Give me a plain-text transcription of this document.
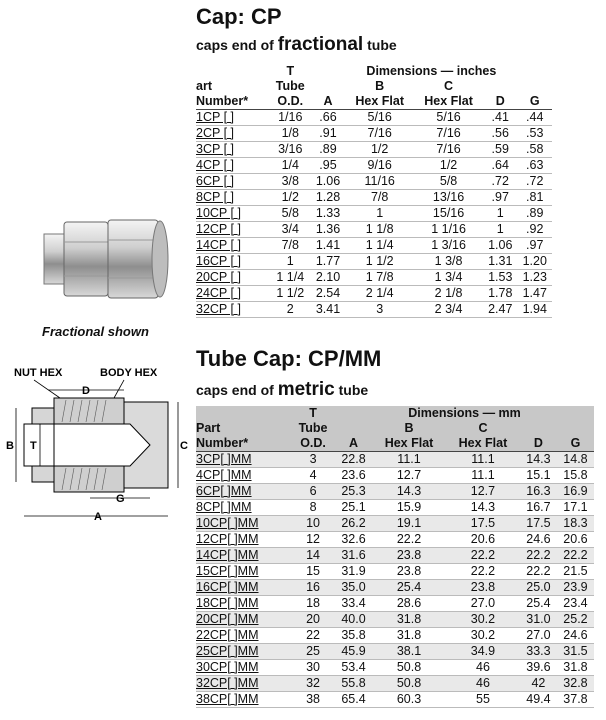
Cap: CP
caps end of fractional tube
	T	Dimensions — inches				
art	Tube		B	C		
Number*	O.D.	A	Hex Flat	Hex Flat	D	G
1CP [ ]	1/16	.66	5/16	5/16	.41	.44
2CP [ ]	1/8	.91	7/16	7/16	.56	.53
3CP [ ]	3/16	.89	1/2	7/16	.59	.58
4CP [ ]	1/4	.95	9/16	1/2	.64	.63
6CP [ ]	3/8	1.06	11/16	5/8	.72	.72
8CP [ ]	1/2	1.28	7/8	13/16	.97	.81
10CP [ ]	5/8	1.33	1	15/16	1	.89
12CP [ ]	3/4	1.36	1 1/8	1 1/16	1	.92
14CP [ ]	7/8	1.41	1 1/4	1 3/16	1.06	.97
16CP [ ]	1	1.77	1 1/2	1 3/8	1.31	1.20
20CP [ ]	1 1/4	2.10	1 7/8	1 3/4	1.53	1.23
24CP [ ]	1 1/2	2.54	2 1/4	2 1/8	1.78	1.47
32CP [ ]	2	3.41	3	2 3/4	2.47	1.94
Fractional shown
NUT HEX	BODY HEX
D
B T	C
G
A
Tube Cap: CP/MM
caps end of metric tube
	T	Dimensions — mm				
Part	Tube		B	C		
Number*	O.D.	A	Hex Flat	Hex Flat	D	G
3CP[ ]MM	3	22.8	11.1	11.1	14.3	14.8
4CP[ ]MM	4	23.6	12.7	11.1	15.1	15.8
6CP[ ]MM	6	25.3	14.3	12.7	16.3	16.9
8CP[ ]MM	8	25.1	15.9	14.3	16.7	17.1
10CP[ ]MM	10	26.2	19.1	17.5	17.5	18.3
12CP[ ]MM	12	32.6	22.2	20.6	24.6	20.6
14CP[ ]MM	14	31.6	23.8	22.2	22.2	22.2
15CP[ ]MM	15	31.9	23.8	22.2	22.2	21.5
16CP[ ]MM	16	35.0	25.4	23.8	25.0	23.9
18CP[ ]MM	18	33.4	28.6	27.0	25.4	23.4
20CP[ ]MM	20	40.0	31.8	30.2	31.0	25.2
22CP[ ]MM	22	35.8	31.8	30.2	27.0	24.6
25CP[ ]MM	25	45.9	38.1	34.9	33.3	31.5
30CP[ ]MM	30	53.4	50.8	46	39.6	31.8
32CP[ ]MM	32	55.8	50.8	46	42	32.8
38CP[ ]MM	38	65.4	60.3	55	49.4	37.8
